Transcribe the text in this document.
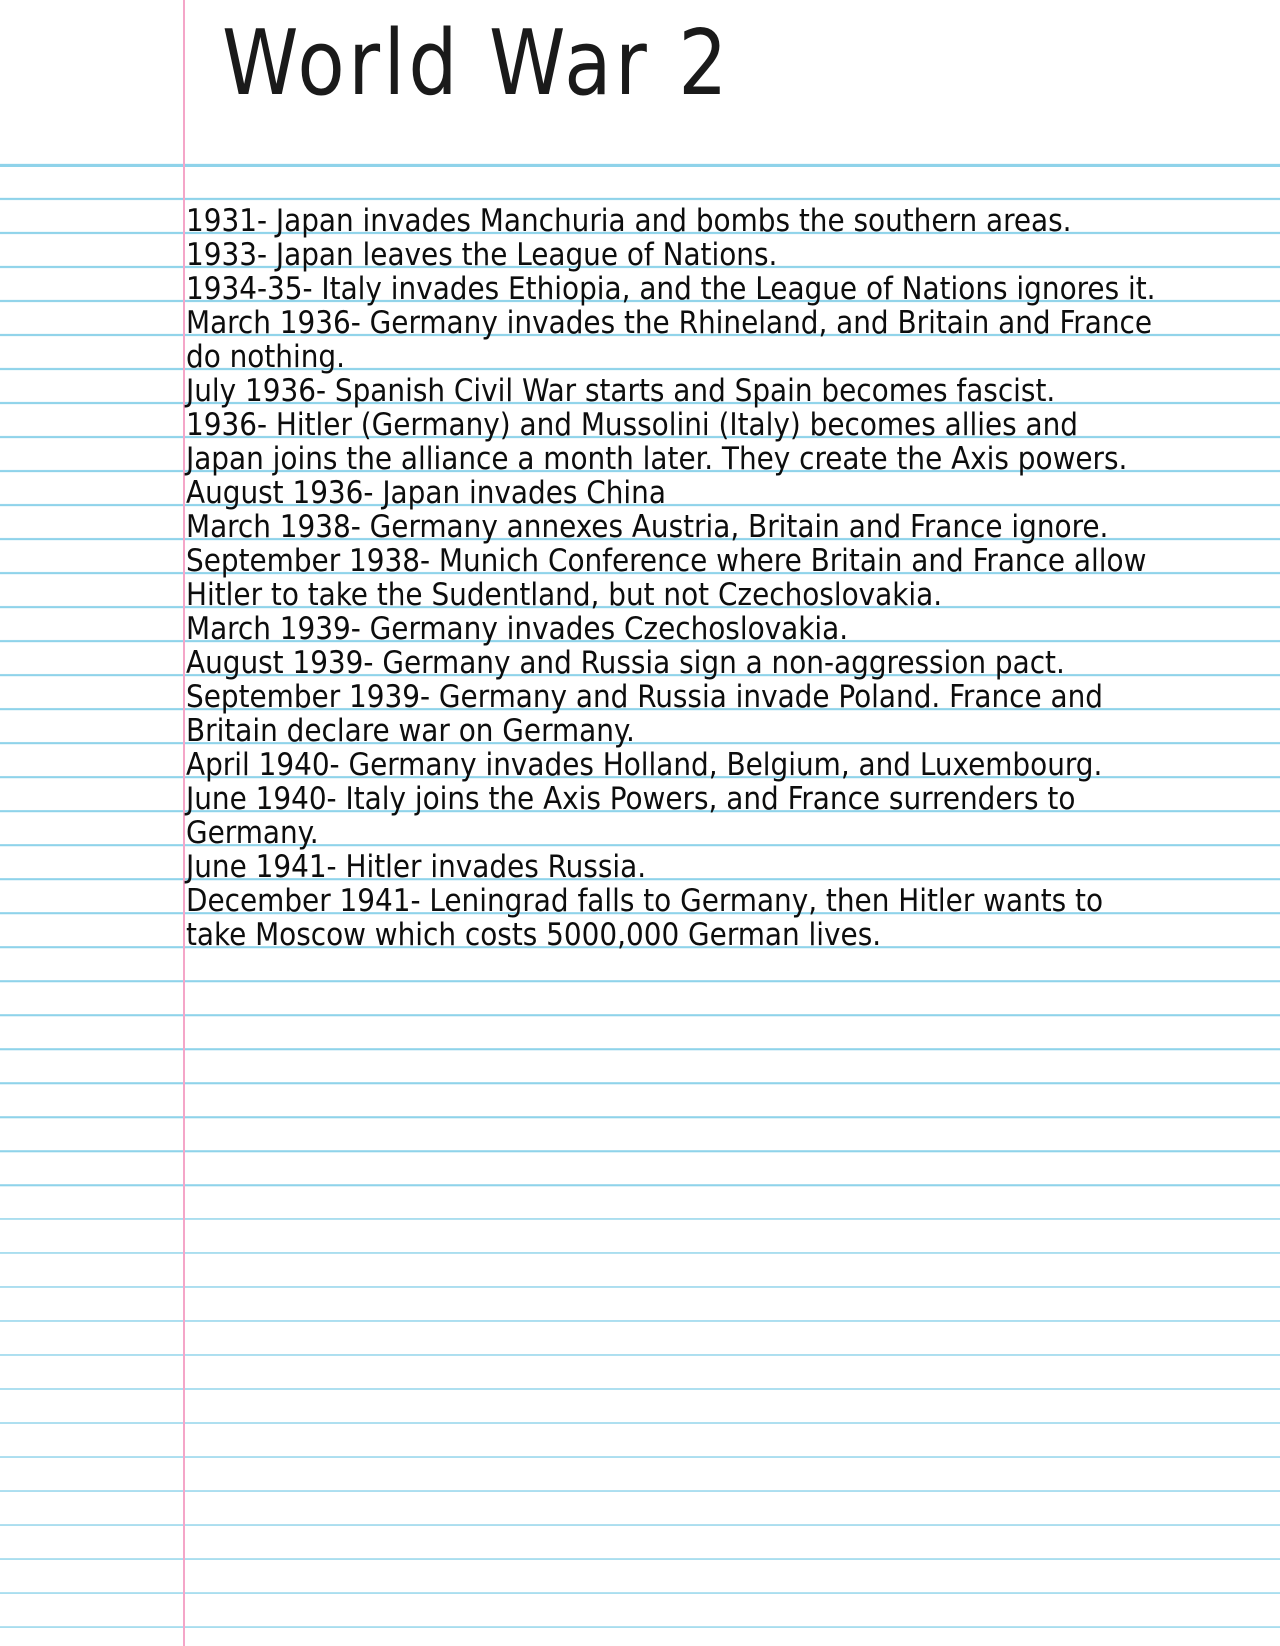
World War 2
1931- Japan invades Manchuria and bombs the southern areas.
1933- Japan leaves the League of Nations.
1934-35- Italy invades Ethiopia, and the League of Nations ignores it.
March 1936- Germany invades the Rhineland, and Britain and France
do nothing.
July 1936- Spanish Civil War starts and Spain becomes fascist.
1936- Hitler (Germany) and Mussolini (Italy) becomes allies and
Japan joins the alliance a month later. They create the Axis powers.
August 1936- Japan invades China
March 1938- Germany annexes Austria, Britain and France ignore.
September 1938- Munich Conference where Britain and France allow
Hitler to take the Sudentland, but not Czechoslovakia.
March 1939- Germany invades Czechoslovakia.
August 1939- Germany and Russia sign a non-aggression pact.
September 1939- Germany and Russia invade Poland. France and
Britain declare war on Germany.
April 1940- Germany invades Holland, Belgium, and Luxembourg.
June 1940- Italy joins the Axis Powers, and France surrenders to
Germany.
June 1941- Hitler invades Russia.
December 1941- Leningrad falls to Germany, then Hitler wants to
take Moscow which costs 5000,000 German lives.
